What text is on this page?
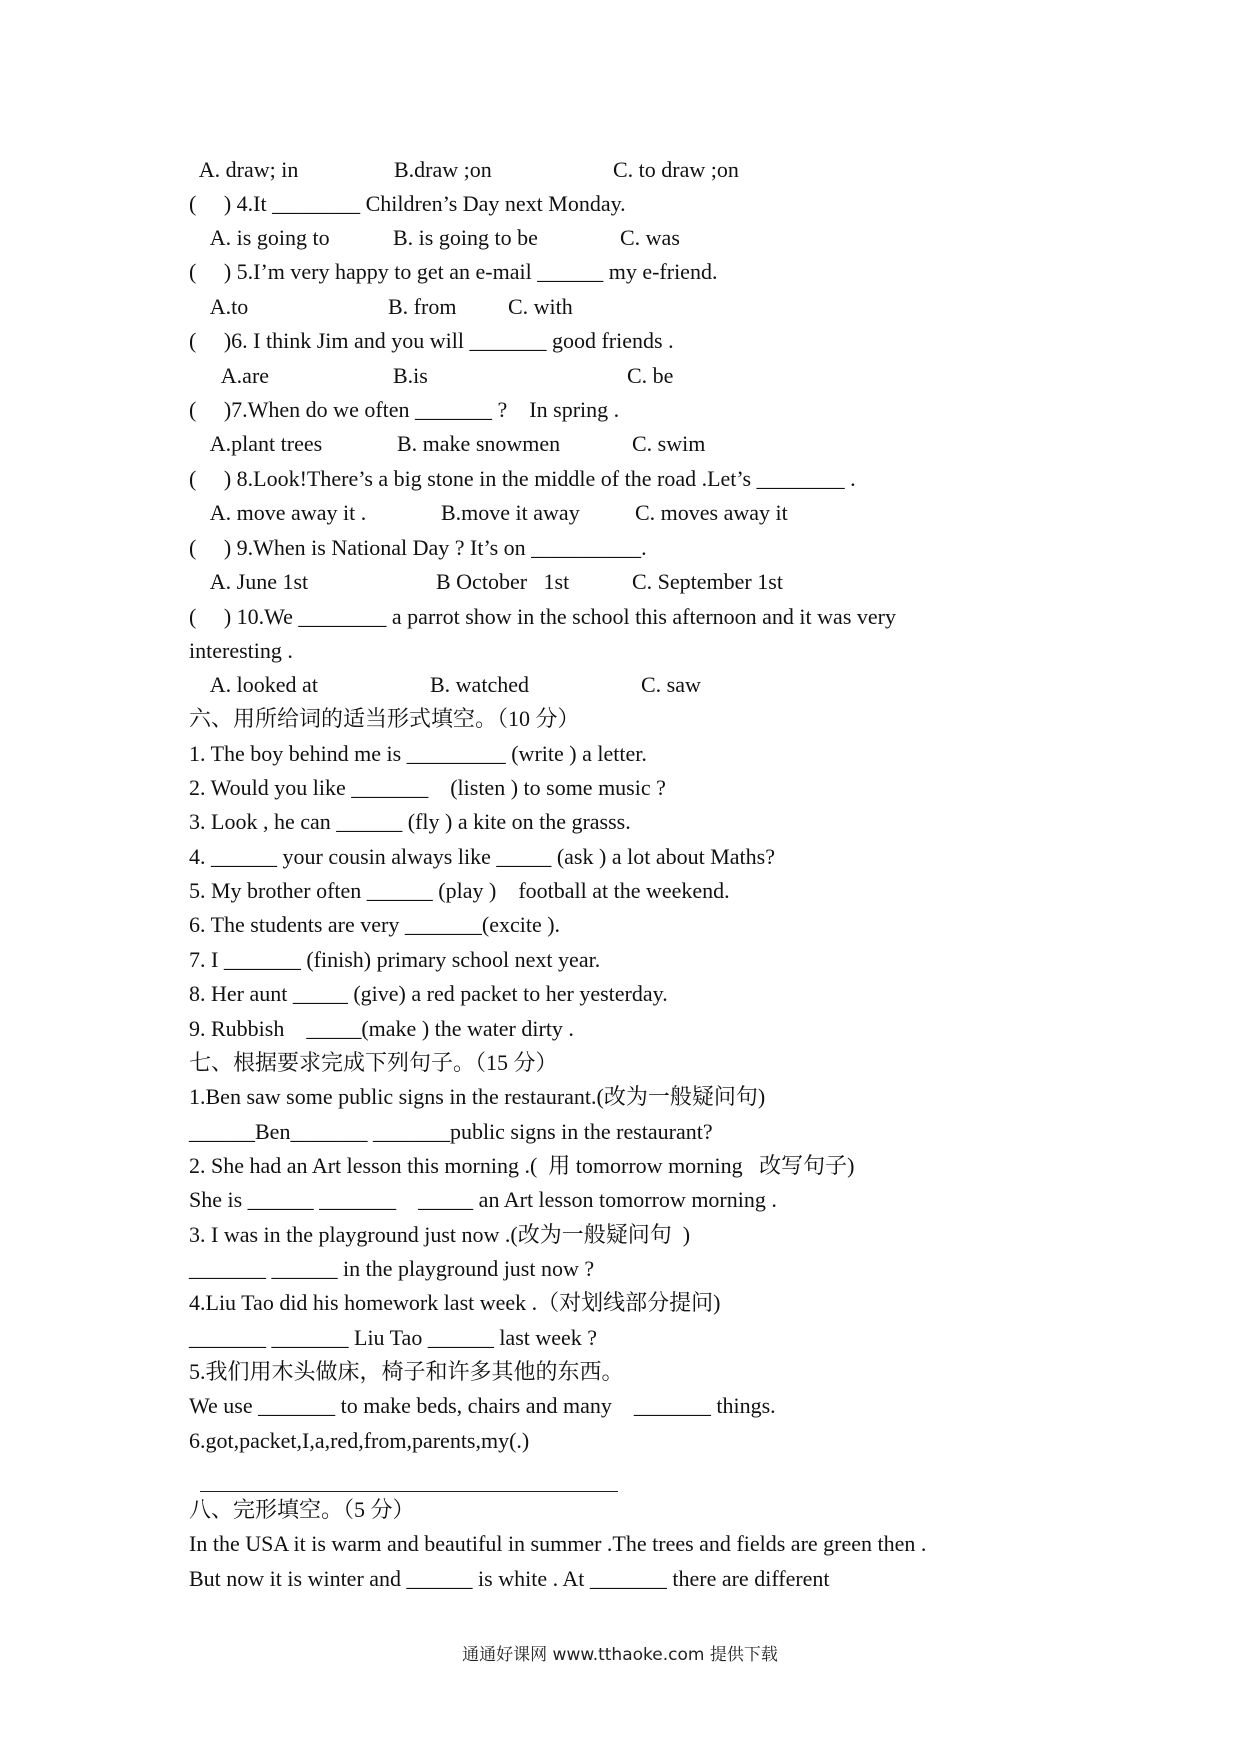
A. draw; in

	B.draw ;on

	C. to draw ;on

(     ) 4.It ________ Children’s Day next Monday.

A. is going to

	B. is going to be

	C. was

(     ) 5.I’m very happy to get an e-mail ______ my e-friend.

A.to

	B. from

C. with

(     )6. I think Jim and you will _______ good friends .

A.are

	B.is

	C. be

(     )7.When do we often _______ ?    In spring .

A.plant trees

	B. make snowmen

	C. swim

(     ) 8.Look!There’s a big stone in the middle of the road .Let’s ________ .

A. move away it .

	B.move it away

	C. moves away it

(     ) 9.When is National Day ? It’s on __________.

A. June 1st

	B October   1st

	C. September 1st

(     ) 10.We ________ a parrot show in the school this afternoon and it was very
interesting .

A. looked at

	B. watched

	C. saw

六、用所给词的适当形式填空。（10 分）
1. The boy behind me is _________ (write ) a letter.
2. Would you like _______    (listen ) to some music ?
3. Look , he can ______ (fly ) a kite on the grasss.
4. ______ your cousin always like _____ (ask ) a lot about Maths?
5. My brother often ______ (play )    football at the weekend.
6. The students are very _______(excite ).
7. I _______ (finish) primary school next year.
8. Her aunt _____ (give) a red packet to her yesterday.
9. Rubbish    _____(make ) the water dirty .
七、根据要求完成下列句子。（15 分）
1.Ben saw some public signs in the restaurant.(改为一般疑问句)
______Ben_______ _______public signs in the restaurant?
2. She had an Art lesson this morning .(  用 tomorrow morning   改写句子)
She is ______ _______    _____ an Art lesson tomorrow morning .
3. I was in the playground just now .(改为一般疑问句  )
_______ ______ in the playground just now ?
4.Liu Tao did his homework last week .（对划线部分提问)
_______ _______ Liu Tao ______ last week ?
5.我们用木头做床，椅子和许多其他的东西。
We use _______ to make beds, chairs and many    _______ things.
6.got,packet,I,a,red,from,parents,my(.)
八、完形填空。（5 分）
In the USA it is warm and beautiful in summer .The trees and fields are green then .
But now it is winter and ______ is white . At _______ there are different
通通好课网 www.tthaoke.com 提供下载
